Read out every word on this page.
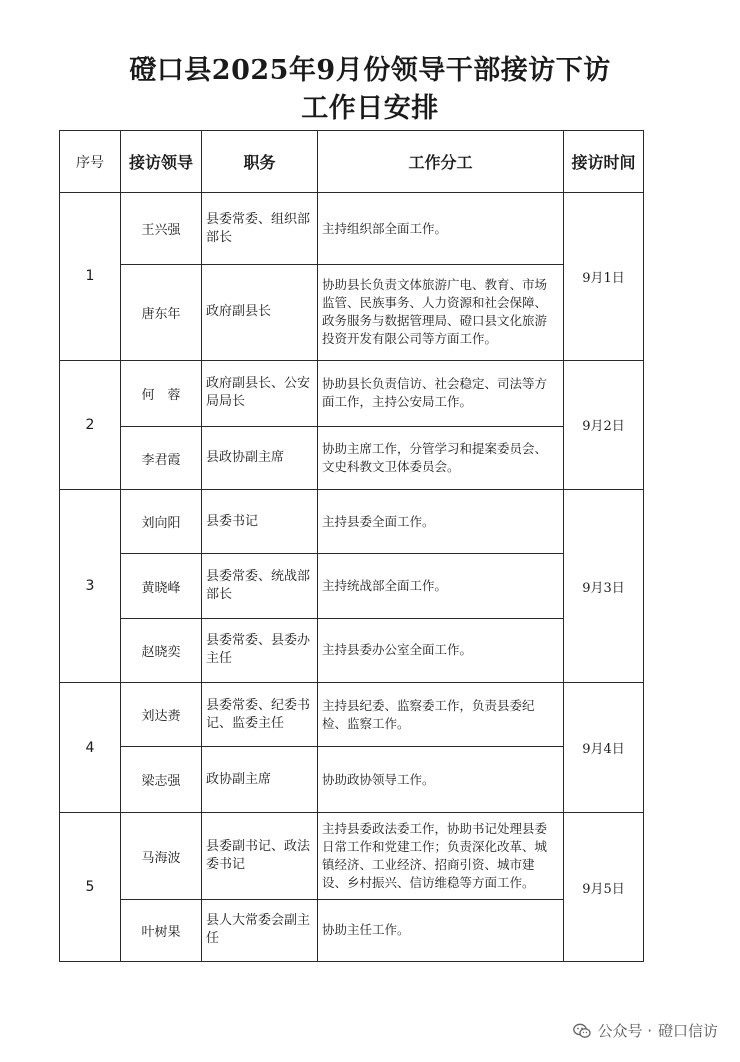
磴口县2025年9月份领导干部接访下访
工作日安排
序号	接访领导	职务	工作分工	接访时间
1	王兴强	县委常委、组织部部长	主持组织部全面工作。	9月1日
	唐东年	政府副县长	协助县长负责文体旅游广电、教育、市场监管、民族事务、人力资源和社会保障、政务服务与数据管理局、磴口县文化旅游投资开发有限公司等方面工作。	
2	何　蓉	政府副县长、公安局局长	协助县长负责信访、社会稳定、司法等方面工作，主持公安局工作。	9月2日
	李君霞	县政协副主席	协助主席工作，分管学习和提案委员会、文史科教文卫体委员会。	
3	刘向阳	县委书记	主持县委全面工作。	9月3日
	黄晓峰	县委常委、统战部部长	主持统战部全面工作。	
	赵晓奕	县委常委、县委办主任	主持县委办公室全面工作。	
4	刘达赉	县委常委、纪委书记、监委主任	主持县纪委、监察委工作，负责县委纪检、监察工作。	9月4日
	梁志强	政协副主席	协助政协领导工作。	
5	马海波	县委副书记、政法委书记	主持县委政法委工作，协助书记处理县委日常工作和党建工作；负责深化改革、城镇经济、工业经济、招商引资、城市建设、乡村振兴、信访维稳等方面工作。	9月5日
	叶树果	县人大常委会副主任	协助主任工作。	
公众号 · 磴口信访
